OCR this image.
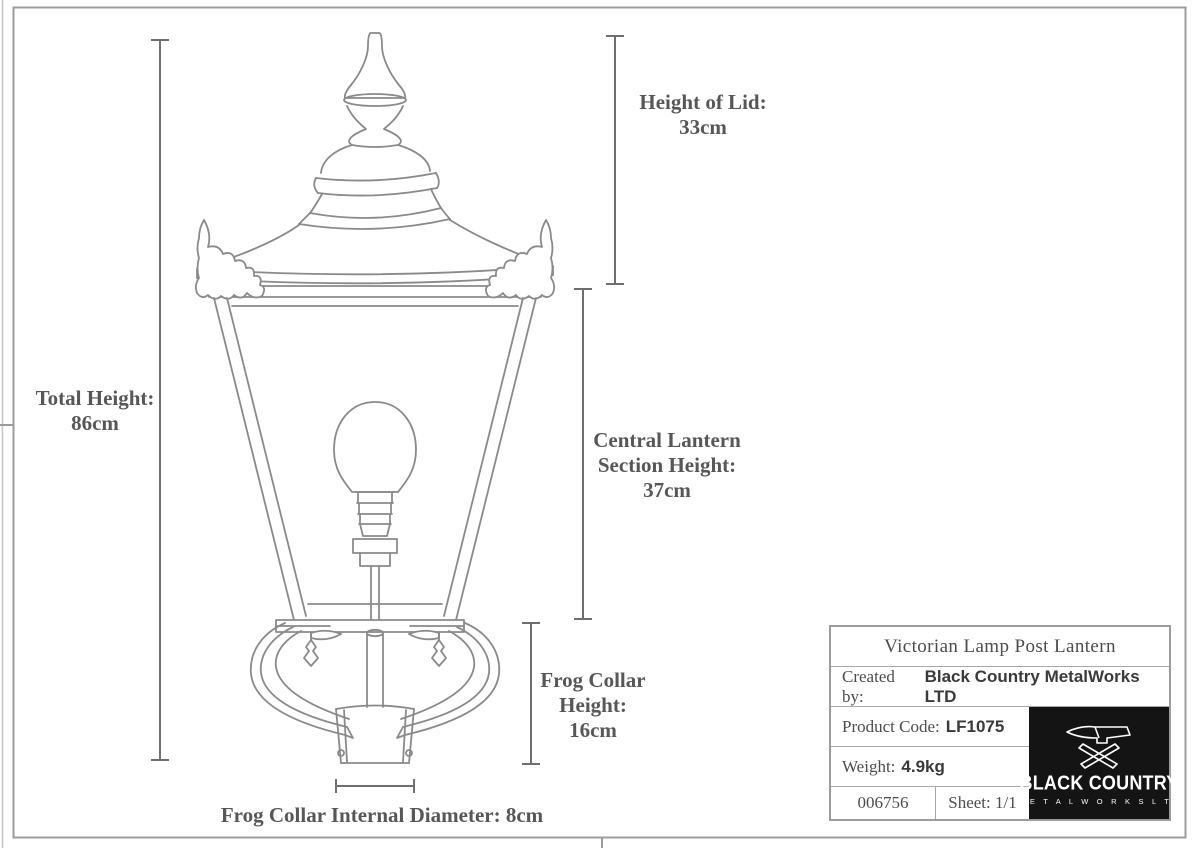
Total Height:
86cm
Height of Lid:
33cm
Central Lantern
Section Height:
37cm
Frog Collar
Height:
16cm
Frog Collar Internal Diameter: 8cm
Victorian Lamp Post Lantern
Created by:
Black Country MetalWorks LTD
Product Code: LF1075
Weight: 4.9kg
006756 Sheet:
1/1
BLACK COUNTRY
M E T A L W O R K S L T D
